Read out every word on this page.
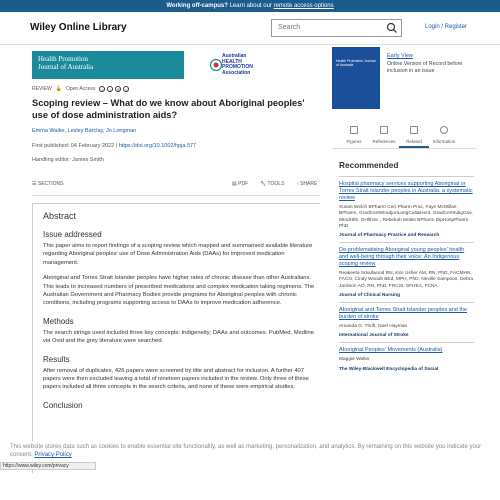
Working off-campus? Learn about our remote access options
Wiley Online Library	Search	Login / Register
Health Promotion
Journal of Australia
Australian
HEALTH
PROMOTION
Association
REVIEW 🔓 Open Access	c	i	$	=
Scoping review – What do we know about Aboriginal peoples' use of dose administration aids?
Emma Walke, Lesley Barclay, Jo Longman
First published: 04 February 2022 | https://doi.org/10.1002/hpja.577
Handling editor: James Smith
☰ SECTIONS	▤ PDF 🔧 TOOLS	‹ SHARE
Abstract
Issue addressed

This paper aims to report findings of a scoping review which mapped and summarised available literature regarding Aboriginal peoples' use of Dose Administration Aids (DAAs) for improved medication management.

Aboriginal and Torres Strait Islander peoples have higher rates of chronic disease than other Australians. This leads to increased numbers of prescribed medications and complex medication taking regimens. The Australian Government and Pharmacy Bodies provide programs for Aboriginal peoples with chronic conditions, including programs supporting access to DAAs to improve medication adherence.

Methods

The search strings used included three key concepts: Indigeneity; DAAs and outcomes. PubMed, Medline via Ovid and the grey literature were searched.

Results

After removal of duplicates, 426 papers were screened by title and abstract for inclusion. A further 407 papers were then excluded leaving a total of nineteen papers included in the review. Only three of these papers included all three concepts in the search criteria, and none of these were empirical studies.

Conclusion
Health Promotion Journal of Australia
Early View
Online Version of Record before inclusion in an issue
Figures	References	Related	Information
Recommended
Hospital pharmacy services supporting Aboriginal or Torres Strait Islander peoples in Australia: a systematic review
Susan Welch BPharm Cert Pharm Prac, Faye McMillan BPharm, GradCertWiradjuriLangCult&Herit, GradCertIndigGov, MIndHlth, DHlthSc , Rebekah Moles BPharm DipHospPharm PhD
Journal of Pharmacy Practice and Research
De-problematising Aboriginal young peoples' health and well-being through their voice: An Indigenous scoping review
Reakeeta Smallwood RN, Kim Usher AM, RN, PhD, FACMHN, FACN, Cindy Woods BEd, MPH, PhD, Neville Sampson, Debra Jackson AO, RN, PhD, FRCSI, SFHEA, FCNA
Journal of Clinical Nursing
Aboriginal and Torres Strait Islander peoples and the burden of stroke
Amanda G. Thrift, Noel Hayman
International Journal of Stroke
Aboriginal Peoples' Movements (Australia)
Maggie Walter
The Wiley-Blackwell Encyclopedia of Social
This website stores data such as cookies to enable essential site functionality, as well as marketing, personalization, and analytics. By remaining on this website you indicate your consent. Privacy Policy
https://www.wiley.com/privacy
